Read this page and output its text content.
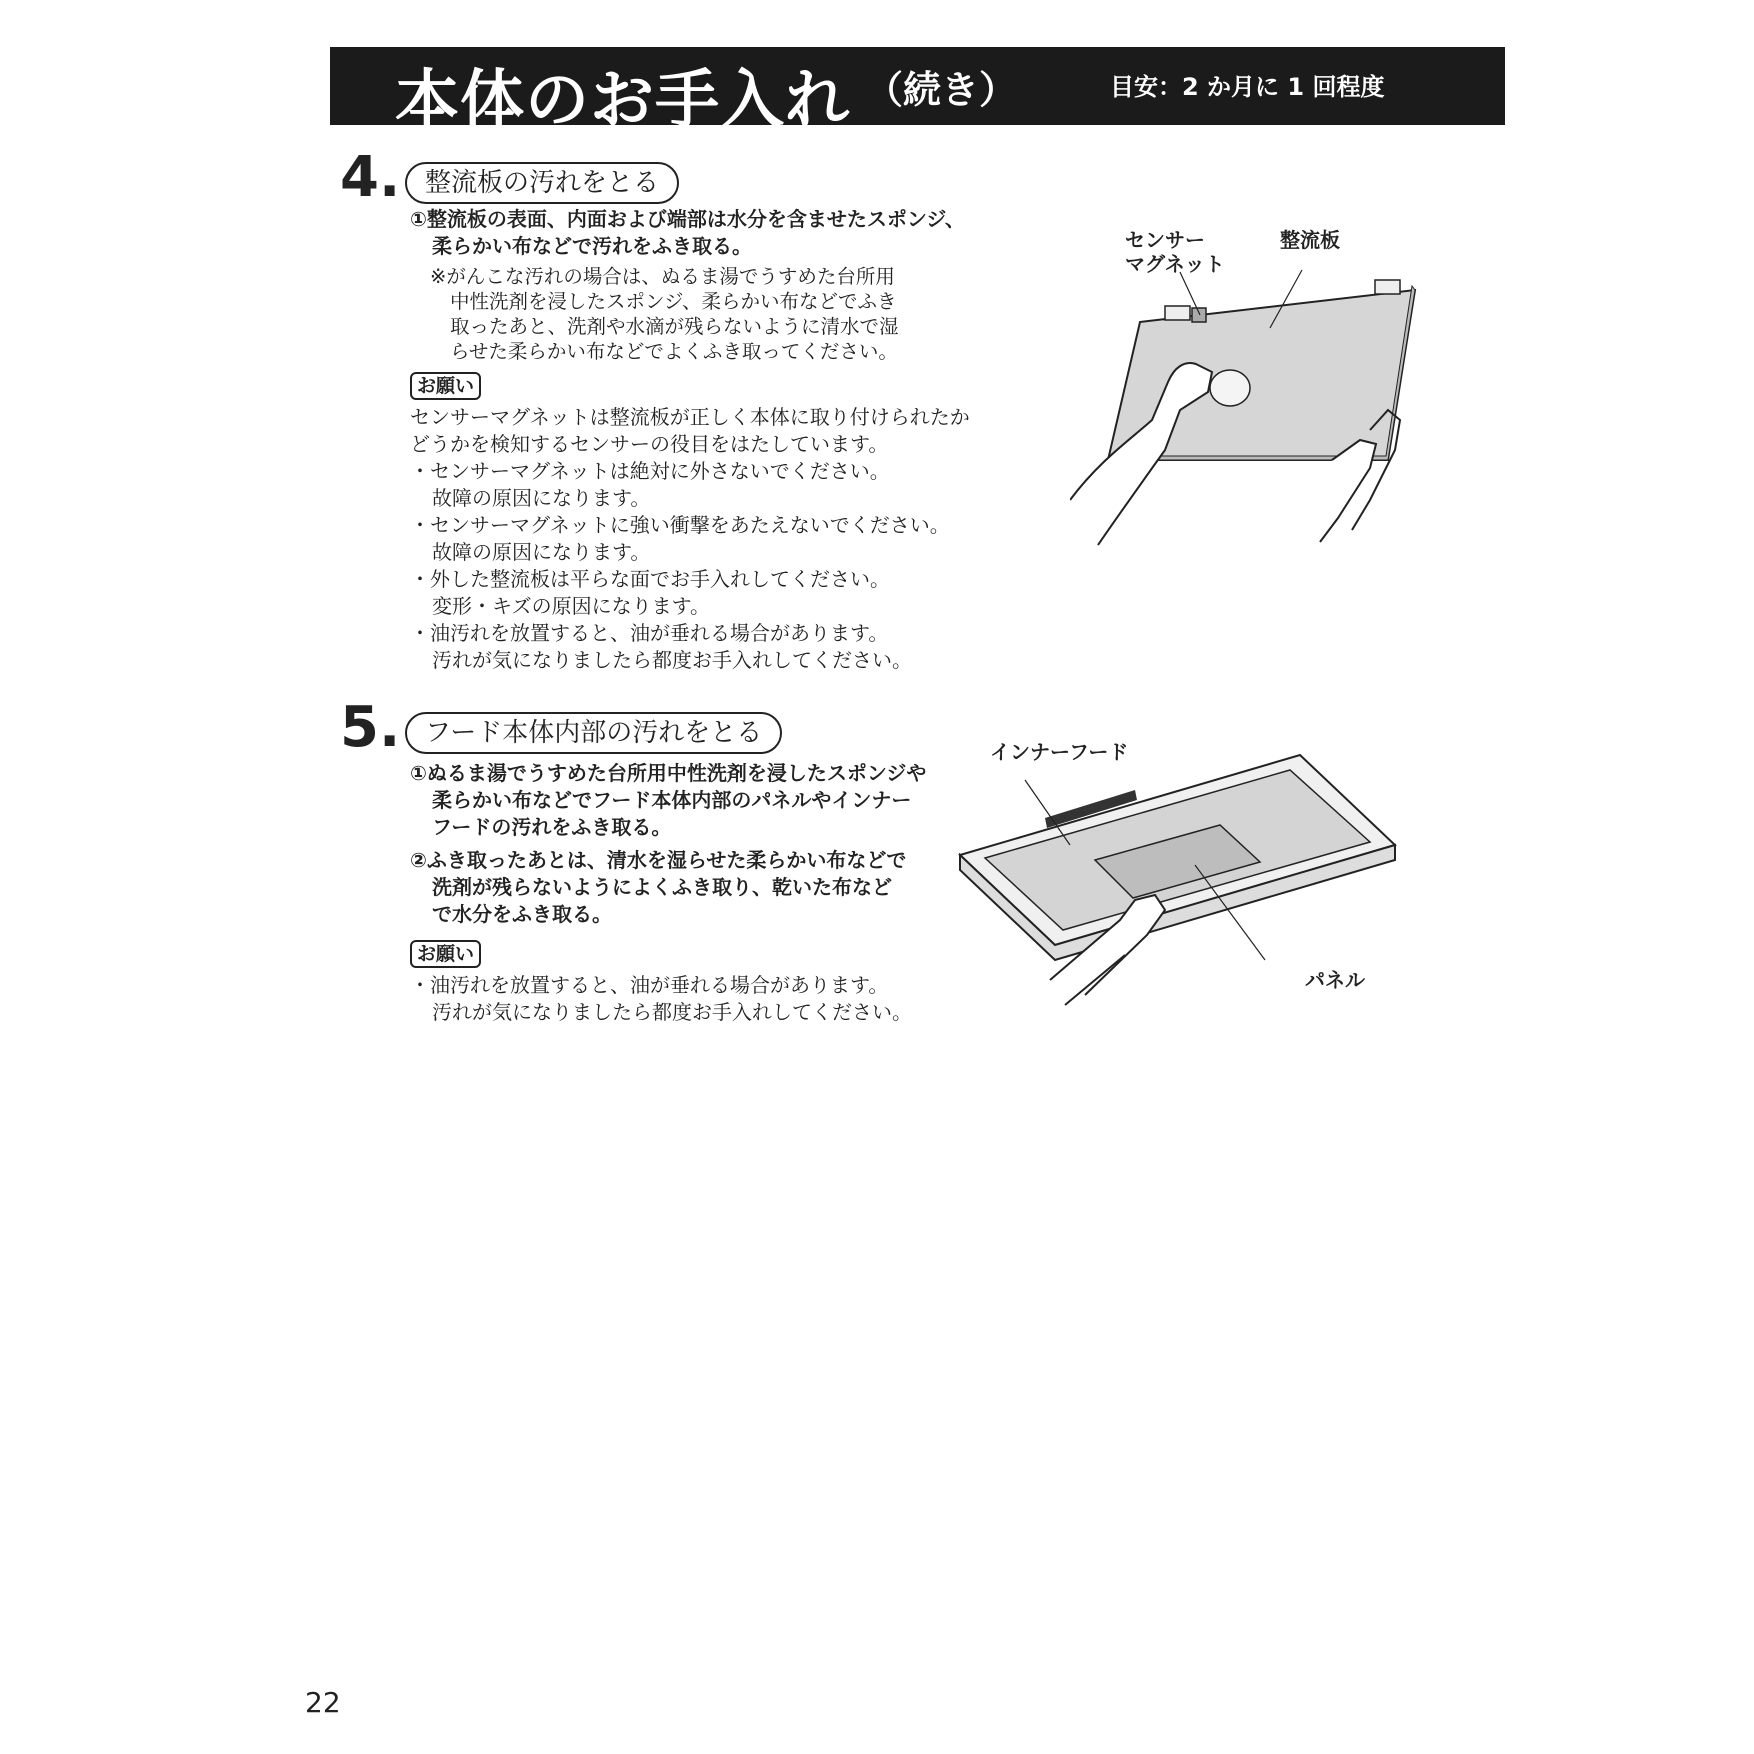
本体のお手入れ （続き）	目安：2 か月に 1 回程度
4. 整流板の汚れをとる

①整流板の表面、内面および端部は水分を含ませたスポンジ、
柔らかい布などで汚れをふき取る。

※がんこな汚れの場合は、ぬるま湯でうすめた台所用
中性洗剤を浸したスポンジ、柔らかい布などでふき
取ったあと、洗剤や水滴が残らないように清水で湿
らせた柔らかい布などでよくふき取ってください。
お願い

センサーマグネットは整流板が正しく本体に取り付けられたか
どうかを検知するセンサーの役目をはたしています。

・センサーマグネットは絶対に外さないでください。
故障の原因になります。
・センサーマグネットに強い衝撃をあたえないでください。
故障の原因になります。
・外した整流板は平らな面でお手入れしてください。
変形・キズの原因になります。
・油汚れを放置すると、油が垂れる場合があります。
汚れが気になりましたら都度お手入れしてください。
センサー
マグネット
整流板
5. フード本体内部の汚れをとる

①ぬるま湯でうすめた台所用中性洗剤を浸したスポンジや
柔らかい布などでフード本体内部のパネルやインナー
フードの汚れをふき取る。

②ふき取ったあとは、清水を湿らせた柔らかい布などで
洗剤が残らないようによくふき取り、乾いた布など
で水分をふき取る。

お願い
・油汚れを放置すると、油が垂れる場合があります。
汚れが気になりましたら都度お手入れしてください。
インナーフード
パネル
22
